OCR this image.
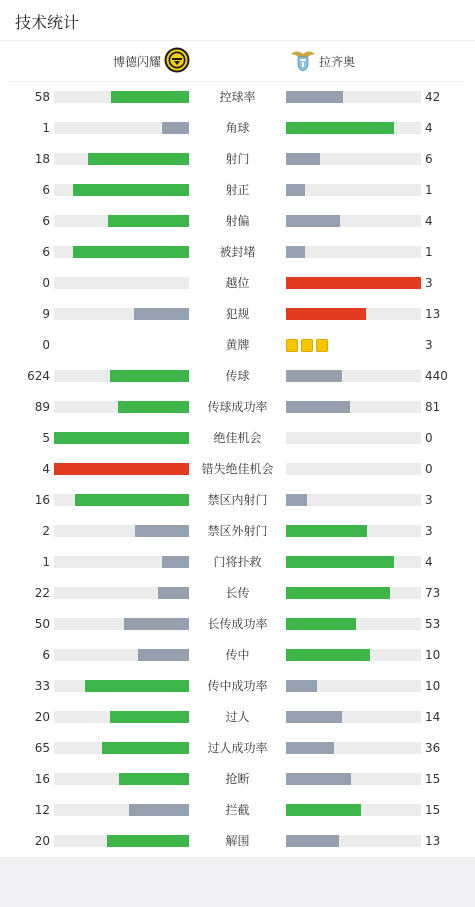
技术统计
博德闪耀	拉齐奥
58	控球率	42
1	角球	4
18	射门	6
6	射正	1
6	射偏	4
6	被封堵	1
0	越位	3
9	犯规	13
0	黄牌	3
624	传球	440
89	传球成功率	81
5	绝佳机会	0
4	错失绝佳机会	0
16	禁区内射门	3
2	禁区外射门	3
1	门将扑救	4
22	长传	73
50	长传成功率	53
6	传中	10
33	传中成功率	10
20	过人	14
65	过人成功率	36
16	抢断	15
12	拦截	15
20	解围	13
